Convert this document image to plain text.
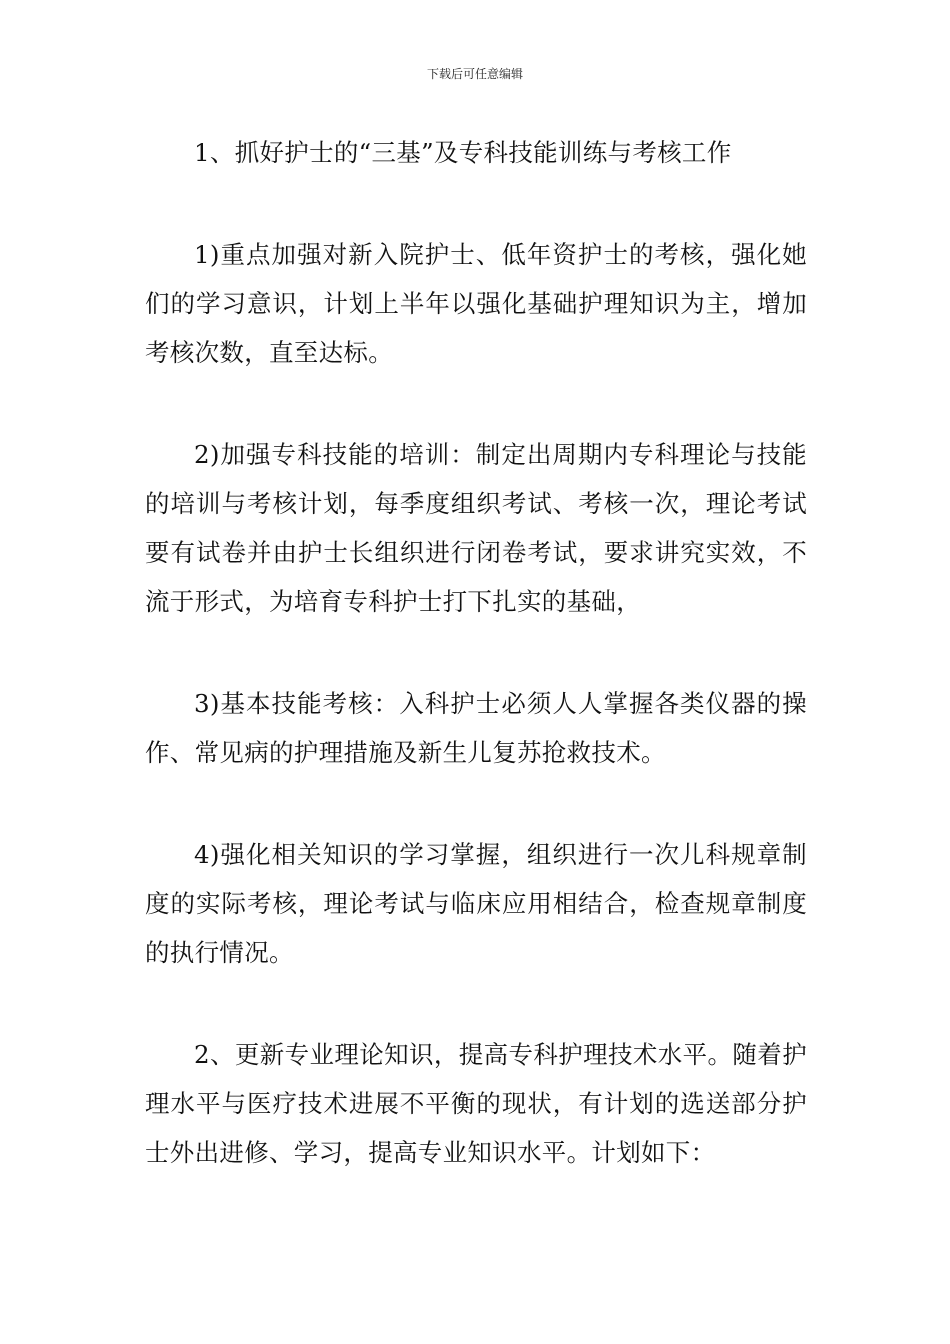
下载后可任意编辑

1、抓好护士的“三基”及专科技能训练与考核工作

1)重点加强对新入院护士、低年资护士的考核，强化她们的学习意识，计划上半年以强化基础护理知识为主，增加考核次数，直至达标。

2)加强专科技能的培训：制定出周期内专科理论与技能的培训与考核计划，每季度组织考试、考核一次，理论考试要有试卷并由护士长组织进行闭卷考试，要求讲究实效，不流于形式，为培育专科护士打下扎实的基础，

3)基本技能考核：入科护士必须人人掌握各类仪器的操作、常见病的护理措施及新生儿复苏抢救技术。

4)强化相关知识的学习掌握，组织进行一次儿科规章制度的实际考核，理论考试与临床应用相结合，检查规章制度的执行情况。

2、更新专业理论知识，提高专科护理技术水平。随着护理水平与医疗技术进展不平衡的现状，有计划的选送部分护士外出进修、学习，提高专业知识水平。计划如下：
